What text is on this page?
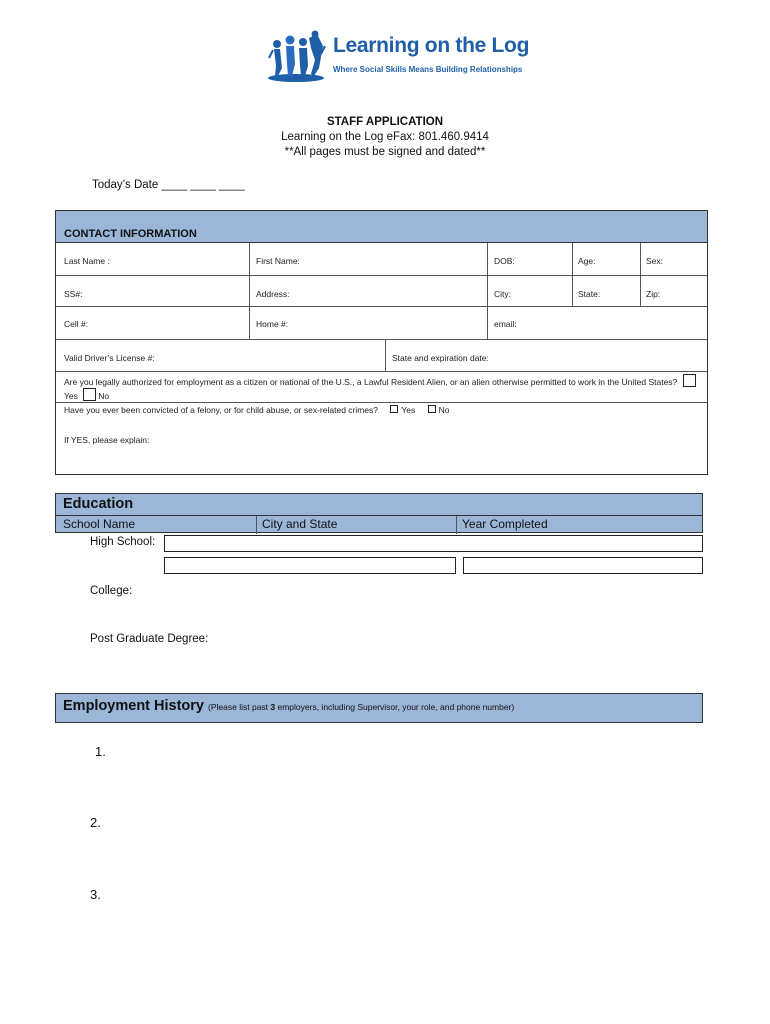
Learning on the Log
Where Social Skills Means Building Relationships
STAFF APPLICATION
Learning on the Log eFax: 801.460.9414
**All pages must be signed and dated**
Today’s Date ____ ____ ____
CONTACT INFORMATION
Last Name :	First Name:	DOB:	Age:	Sex:
SS#:	Address:	City:	State:	Zip:
Cell #:	Home #:	email:
Valid Driver’s License #:	State and expiration date:
Are you legally authorized for employment as a citizen or national of the U.S., a Lawful Resident Alien, or an alien otherwise permitted to work in the United States? Yes No
Have you ever been convicted of a felony, or for child abuse, or sex-related crimes?	Yes	No
If YES, please explain:
Education
School Name	City and State	Year Completed
High School:
College:
Post Graduate Degree:
Employment History (Please list past 3 employers, including Supervisor, your role, and phone number)
1.
2.
3.
